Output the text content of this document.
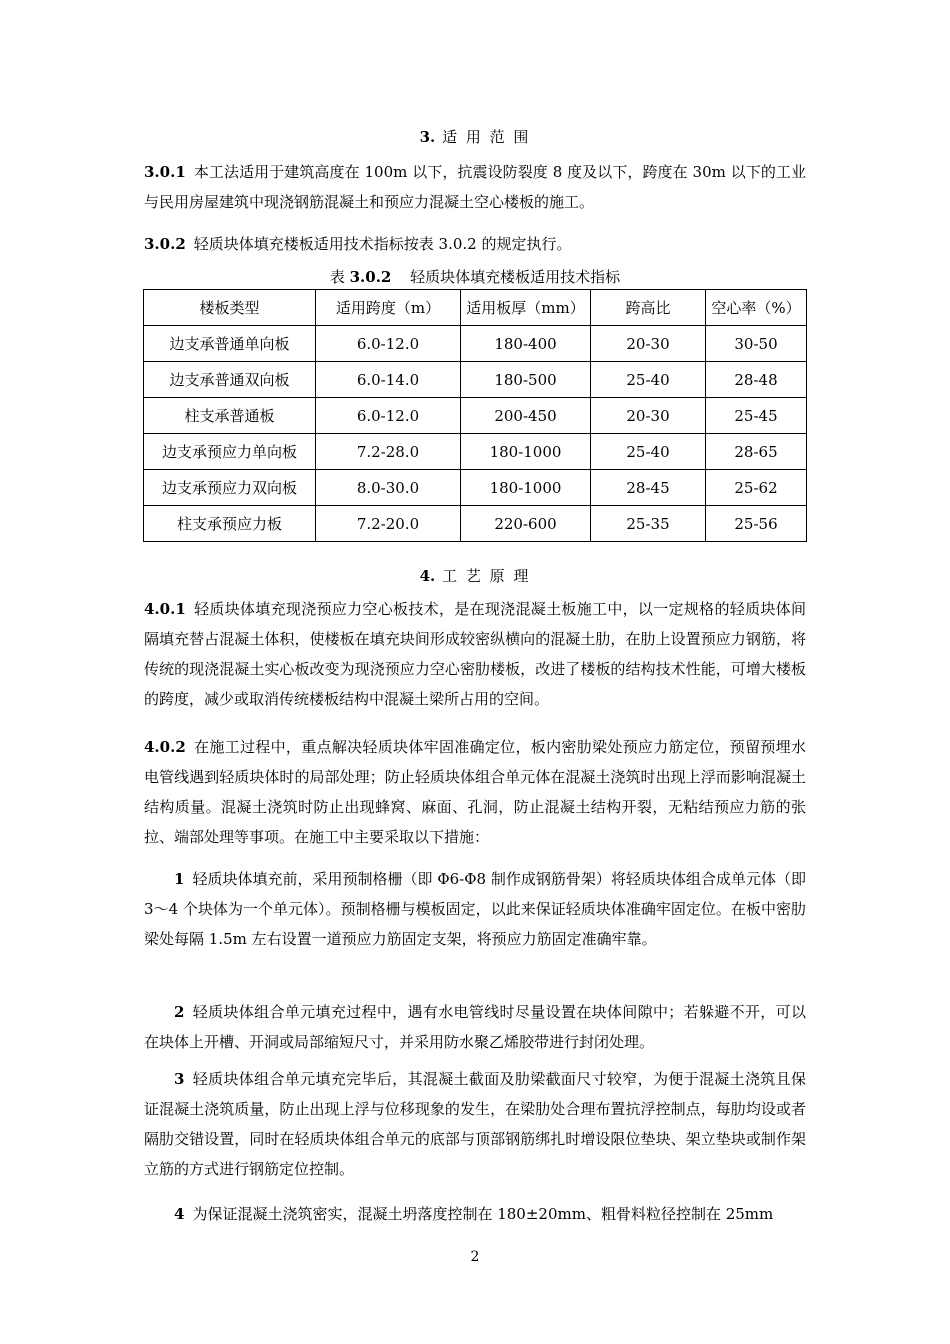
3. 适 用 范 围
3.0.1 本工法适用于建筑高度在 100m 以下，抗震设防裂度 8 度及以下，跨度在 30m 以下的工业与民用房屋建筑中现浇钢筋混凝土和预应力混凝土空心楼板的施工。
3.0.2 轻质块体填充楼板适用技术指标按表 3.0.2 的规定执行。
表 3.0.2 轻质块体填充楼板适用技术指标
楼板类型	适用跨度（m）	适用板厚（mm）	跨高比	空心率（%）
边支承普通单向板	6.0-12.0	180-400	20-30	30-50
边支承普通双向板	6.0-14.0	180-500	25-40	28-48
柱支承普通板	6.0-12.0	200-450	20-30	25-45
边支承预应力单向板	7.2-28.0	180-1000	25-40	28-65
边支承预应力双向板	8.0-30.0	180-1000	28-45	25-62
柱支承预应力板	7.2-20.0	220-600	25-35	25-56
4. 工 艺 原 理
4.0.1 轻质块体填充现浇预应力空心板技术，是在现浇混凝土板施工中，以一定规格的轻质块体间隔填充替占混凝土体积，使楼板在填充块间形成较密纵横向的混凝土肋，在肋上设置预应力钢筋，将传统的现浇混凝土实心板改变为现浇预应力空心密肋楼板，改进了楼板的结构技术性能，可增大楼板的跨度，减少或取消传统楼板结构中混凝土梁所占用的空间。
4.0.2 在施工过程中，重点解决轻质块体牢固准确定位，板内密肋梁处预应力筋定位，预留预埋水电管线遇到轻质块体时的局部处理；防止轻质块体组合单元体在混凝土浇筑时出现上浮而影响混凝土结构质量。混凝土浇筑时防止出现蜂窝、麻面、孔洞，防止混凝土结构开裂，无粘结预应力筋的张拉、端部处理等事项。在施工中主要采取以下措施：
1 轻质块体填充前，采用预制格栅（即 Φ6-Φ8 制作成钢筋骨架）将轻质块体组合成单元体（即 3～4 个块体为一个单元体）。预制格栅与模板固定，以此来保证轻质块体准确牢固定位。在板中密肋梁处每隔 1.5m 左右设置一道预应力筋固定支架，将预应力筋固定准确牢靠。
2 轻质块体组合单元填充过程中，遇有水电管线时尽量设置在块体间隙中；若躲避不开，可以在块体上开槽、开洞或局部缩短尺寸，并采用防水聚乙烯胶带进行封闭处理。
3 轻质块体组合单元填充完毕后，其混凝土截面及肋梁截面尺寸较窄，为便于混凝土浇筑且保证混凝土浇筑质量，防止出现上浮与位移现象的发生，在梁肋处合理布置抗浮控制点，每肋均设或者隔肋交错设置，同时在轻质块体组合单元的底部与顶部钢筋绑扎时增设限位垫块、架立垫块或制作架立筋的方式进行钢筋定位控制。
4 为保证混凝土浇筑密实，混凝土坍落度控制在 180±20mm、粗骨料粒径控制在 25mm
2
